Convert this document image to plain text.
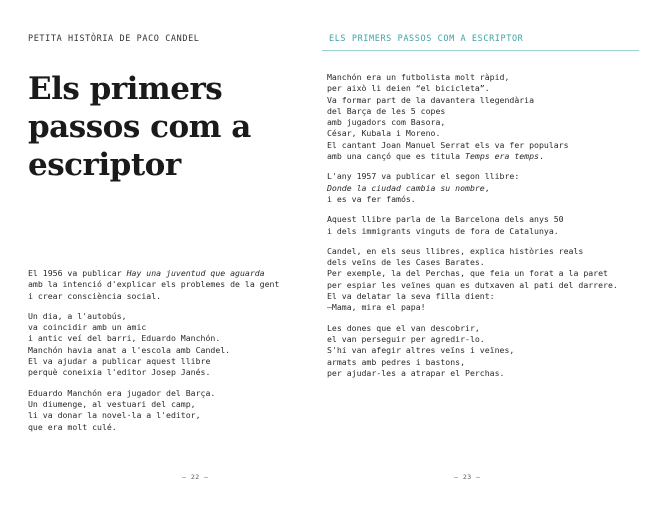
PETITA HISTÒRIA DE PACO CANDEL
Els primers passos com a escriptor

El 1956 va publicar Hay una juventud que aguarda
amb la intenció d'explicar els problemes de la gent
i crear consciència social.

Un dia, a l'autobús,
va coincidir amb un amic
i antic veí del barri, Eduardo Manchón.
Manchón havia anat a l'escola amb Candel.
El va ajudar a publicar aquest llibre
perquè coneixia l'editor Josep Janés.

Eduardo Manchón era jugador del Barça.
Un diumenge, al vestuari del camp,
li va donar la novel·la a l'editor,
que era molt culé.

— 22 —
ELS PRIMERS PASSOS COM A ESCRIPTOR

Manchón era un futbolista molt ràpid,
per això li deien “el bicicleta”.
Va formar part de la davantera llegendària
del Barça de les 5 copes
amb jugadors com Basora,
César, Kubala i Moreno.
El cantant Joan Manuel Serrat els va fer populars
amb una cançó que es titula Temps era temps.

L'any 1957 va publicar el segon llibre:
Donde la ciudad cambia su nombre,
i es va fer famós.

Aquest llibre parla de la Barcelona dels anys 50
i dels immigrants vinguts de fora de Catalunya.

Candel, en els seus llibres, explica històries reals
dels veïns de les Cases Barates.
Per exemple, la del Perchas, que feia un forat a la paret
per espiar les veïnes quan es dutxaven al pati del darrere.
El va delatar la seva filla dient:
—Mama, mira el papa!

Les dones que el van descobrir,
el van perseguir per agredir-lo.
S'hi van afegir altres veïns i veïnes,
armats amb pedres i bastons,
per ajudar-les a atrapar el Perchas.

— 23 —
